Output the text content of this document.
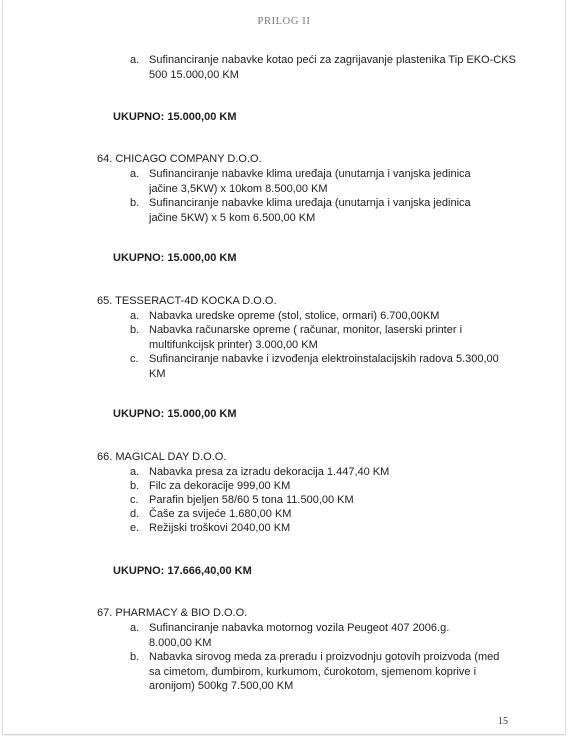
PRILOG II
a. Sufinanciranje nabavke kotao peći za zagrijavanje plastenika Tip EKO-CKS 500 15.000,00 KM
UKUPNO: 15.000,00 KM
64. CHICAGO COMPANY D.O.O.
a. Sufinanciranje nabavke klima uređaja (unutarnja i vanjska jedinica jačine 3,5KW) x 10kom 8.500,00 KM
b. Sufinanciranje nabavke klima uređaja (unutarnja i vanjska jedinica jačine 5KW) x 5 kom 6.500,00 KM
UKUPNO: 15.000,00 KM
65. TESSERACT-4D KOCKA D.O.O.
a. Nabavka uredske opreme (stol, stolice, ormari) 6.700,00KM
b. Nabavka računarske opreme ( računar, monitor, laserski printer i multifunkcijsk printer) 3.000,00 KM
c. Sufinanciranje nabavke i izvođenja elektroinstalacijskih radova 5.300,00 KM
UKUPNO: 15.000,00 KM
66. MAGICAL DAY D.O.O.
a. Nabavka presa za izradu dekoracija 1.447,40 KM
b. Filc za dekoracije 999,00 KM
c. Parafin bjeljen 58/60 5 tona 11.500,00 KM
d. Čaše za svijeće 1.680,00 KM
e. Režijski troškovi 2040,00 KM
UKUPNO: 17.666,40,00 KM
67. PHARMACY & BIO D.O.O.
a. Sufinanciranje nabavka motornog vozila Peugeot 407 2006.g. 8.000,00 KM
b. Nabavka sirovog meda za preradu i proizvodnju gotovih proizvoda (med sa cimetom, đumbirom, kurkumom, čurokotom, sjemenom koprive i aronijom) 500kg 7.500,00 KM
15
